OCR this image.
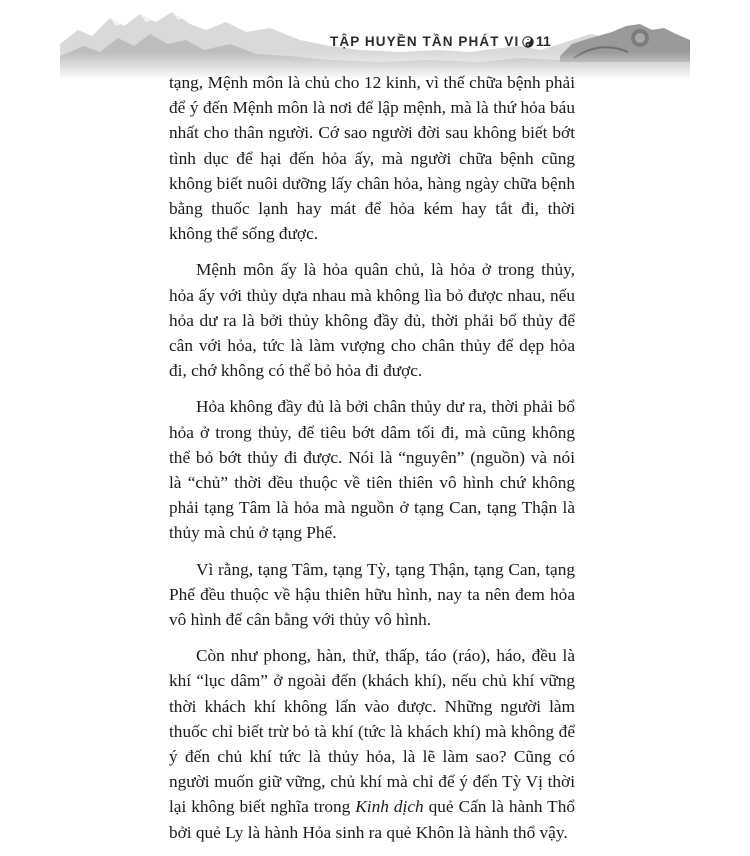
TẬP HUYỀN TẦN PHÁT VI 11

tạng, Mệnh môn là chủ cho 12 kinh, vì thế chữa bệnh phải để ý đến Mệnh môn là nơi để lập mệnh, mà là thứ hỏa báu nhất cho thân người. Cớ sao người đời sau không biết bớt tình dục để hại đến hỏa ấy, mà người chữa bệnh cũng không biết nuôi dưỡng lấy chân hỏa, hàng ngày chữa bệnh bằng thuốc lạnh hay mát để hỏa kém hay tắt đi, thời không thể sống được.

Mệnh môn ấy là hỏa quân chủ, là hỏa ở trong thủy, hỏa ấy với thủy dựa nhau mà không lìa bỏ được nhau, nếu hỏa dư ra là bởi thủy không đầy đủ, thời phải bổ thủy để cân với hỏa, tức là làm vượng cho chân thủy để dẹp hỏa đi, chớ không có thể bỏ hỏa đi được.

Hỏa không đầy đủ là bởi chân thủy dư ra, thời phải bổ hỏa ở trong thủy, để tiêu bớt dâm tối đi, mà cũng không thể bỏ bớt thủy đi được. Nói là “nguyên” (nguồn) và nói là “chủ” thời đều thuộc về tiên thiên vô hình chứ không phải tạng Tâm là hỏa mà nguồn ở tạng Can, tạng Thận là thủy mà chủ ở tạng Phế.

Vì rằng, tạng Tâm, tạng Tỳ, tạng Thận, tạng Can, tạng Phế đều thuộc về hậu thiên hữu hình, nay ta nên đem hỏa vô hình để cân bằng với thủy vô hình.

Còn như phong, hàn, thử, thấp, táo (ráo), háo, đều là khí “lục dâm” ở ngoài đến (khách khí), nếu chủ khí vững thời khách khí không lấn vào được. Những người làm thuốc chỉ biết trừ bỏ tà khí (tức là khách khí) mà không để ý đến chủ khí tức là thủy hỏa, là lẽ làm sao? Cũng có người muốn giữ vững, chủ khí mà chỉ để ý đến Tỳ Vị thời lại không biết nghĩa trong Kinh dịch quẻ Cấn là hành Thổ bởi quẻ Ly là hành Hỏa sinh ra quẻ Khôn là hành thổ vậy.
